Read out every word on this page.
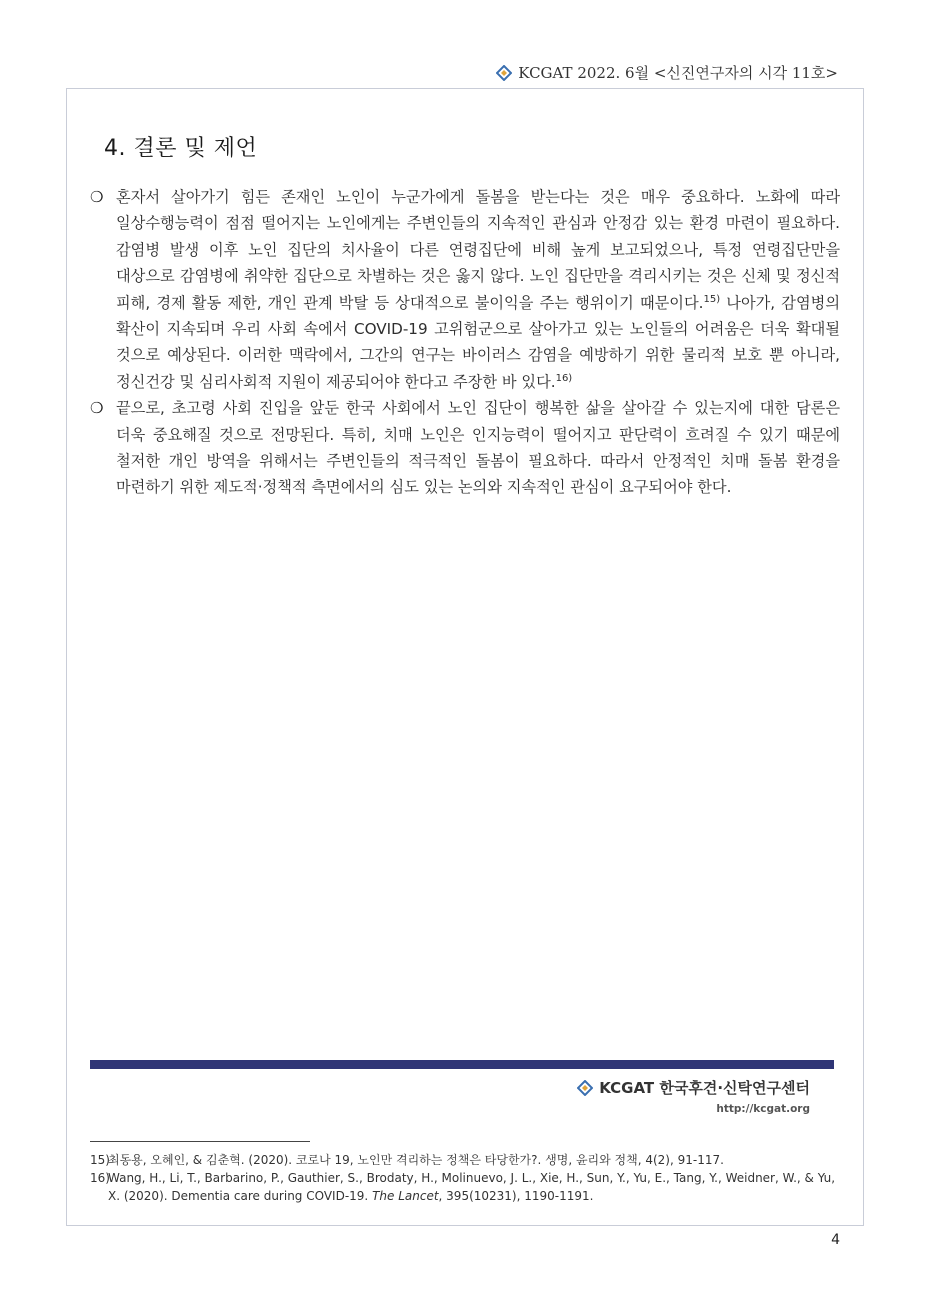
KCGAT 2022. 6월 <신진연구자의 시각 11호>
4. 결론 및 제언

❍ 혼자서 살아가기 힘든 존재인 노인이 누군가에게 돌봄을 받는다는 것은 매우 중요하다. 노화에 따라 일상수행능력이 점점 떨어지는 노인에게는 주변인들의 지속적인 관심과 안정감 있는 환경 마련이 필요하다. 감염병 발생 이후 노인 집단의 치사율이 다른 연령집단에 비해 높게 보고되었으나, 특정 연령집단만을 대상으로 감염병에 취약한 집단으로 차별하는 것은 옳지 않다. 노인 집단만을 격리시키는 것은 신체 및 정신적 피해, 경제 활동 제한, 개인 관계 박탈 등 상대적으로 불이익을 주는 행위이기 때문이다.$^{15)}$ 나아가, 감염병의 확산이 지속되며 우리 사회 속에서 COVID-19 고위험군으로 살아가고 있는 노인들의 어려움은 더욱 확대될 것으로 예상된다. 이러한 맥락에서, 그간의 연구는 바이러스 감염을 예방하기 위한 물리적 보호 뿐 아니라, 정신건강 및 심리사회적 지원이 제공되어야 한다고 주장한 바 있다.$^{16)}$

❍ 끝으로, 초고령 사회 진입을 앞둔 한국 사회에서 노인 집단이 행복한 삶을 살아갈 수 있는지에 대한 담론은 더욱 중요해질 것으로 전망된다. 특히, 치매 노인은 인지능력이 떨어지고 판단력이 흐려질 수 있기 때문에 철저한 개인 방역을 위해서는 주변인들의 적극적인 돌봄이 필요하다. 따라서 안정적인 치매 돌봄 환경을 마련하기 위한 제도적·정책적 측면에서의 심도 있는 논의와 지속적인 관심이 요구되어야 한다.

KCGAT 한국후견·신탁연구센터
http://kcgat.org
15)
최동용, 오혜인, & 김춘혁. (2020). 코로나 19, 노인만 격리하는 정책은 타당한가?. 생명, 윤리와 정책, 4(2), 91-117.
16)
Wang, H., Li, T., Barbarino, P., Gauthier, S., Brodaty, H., Molinuevo, J. L., Xie, H., Sun, Y., Yu, E., Tang, Y., Weidner, W., & Yu, X. (2020). Dementia care during COVID-19. The Lancet, 395(10231), 1190-1191.
4
